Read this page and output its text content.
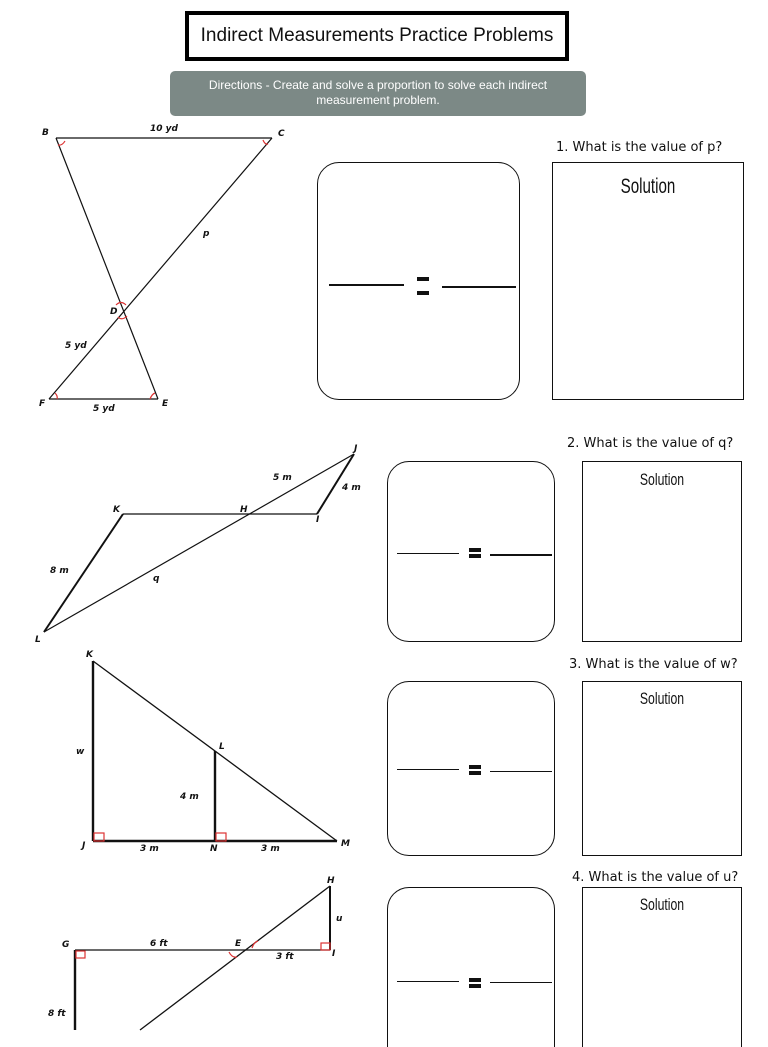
Indirect Measurements Practice Problems
Directions - Create and solve a proportion to solve each indirect measurement problem.
B	C
D
F	E
10 yd
p
5 yd
5 yd
J
K	H
I
L
5 m
4 m
8 m
q
K
L
J	N	M
w
4 m
3 m	3 m
H
G	E
I
6 ft
3 ft
u
8 ft
1. What is the value of p?
Solution
2. What is the value of q?
Solution
3. What is the value of w?
Solution
4. What is the value of u?
Solution
